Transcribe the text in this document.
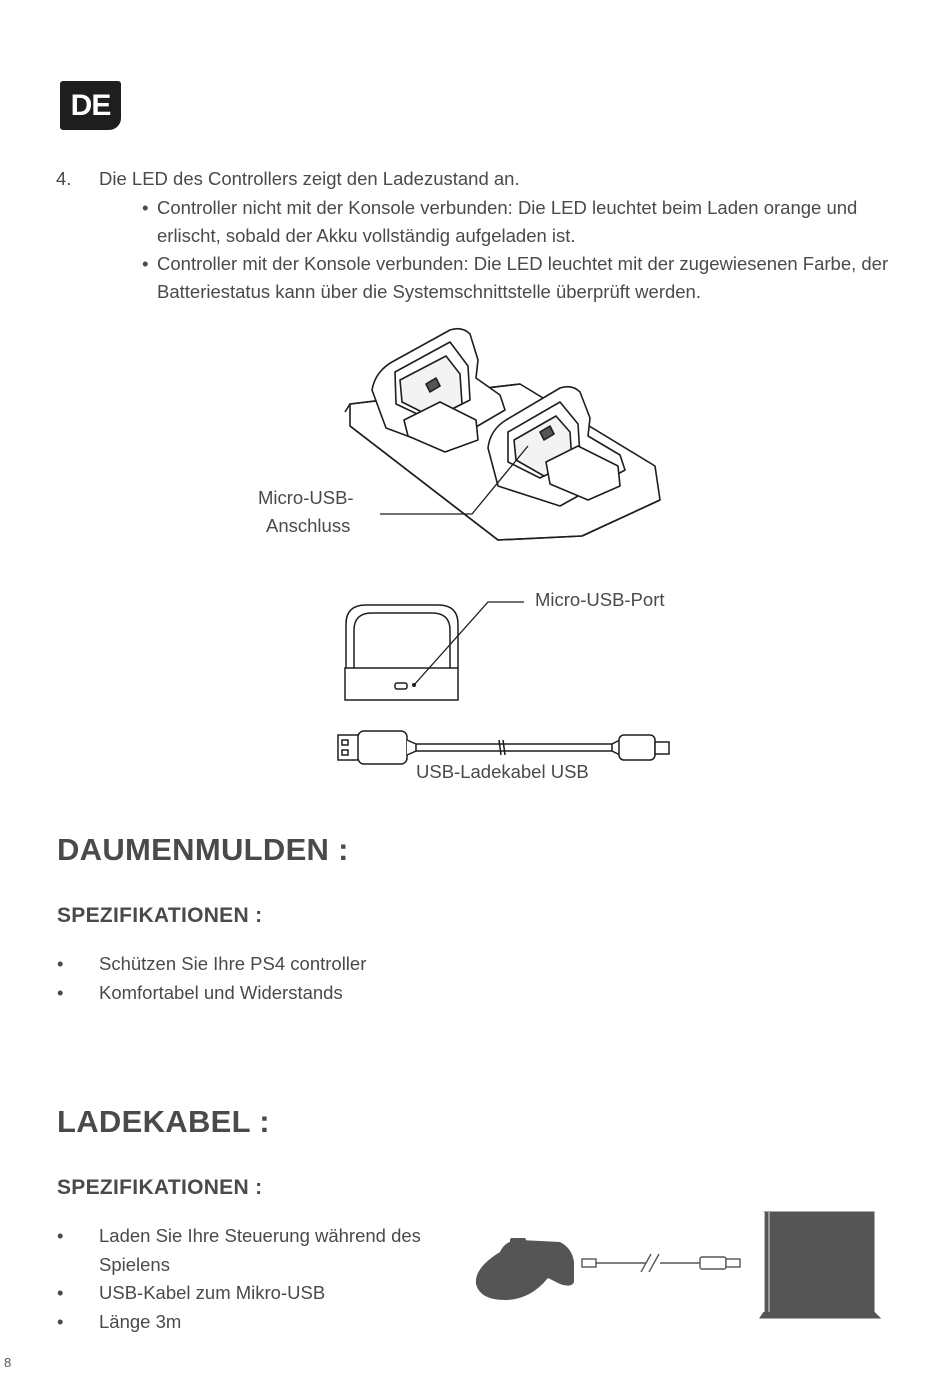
DE
4. Die LED des Controllers zeigt den Ladezustand an.
• Controller nicht mit der Konsole verbunden: Die LED leuchtet beim Laden orange und erlischt, sobald der Akku vollständig aufgeladen ist.
• Controller mit der Konsole verbunden: Die LED leuchtet mit der zugewiesenen Farbe, der Batteriestatus kann über die Systemschnittstelle überprüft werden.
Micro-USB-
Anschluss
Micro-USB-Port
USB-Ladekabel USB
DAUMENMULDEN :
SPEZIFIKATIONEN :
• Schützen Sie Ihre PS4 controller
• Komfortabel und Widerstands
LADEKABEL :
SPEZIFIKATIONEN :
• Laden Sie Ihre Steuerung während des Spielens
• USB-Kabel zum Mikro-USB
• Länge 3m
8
